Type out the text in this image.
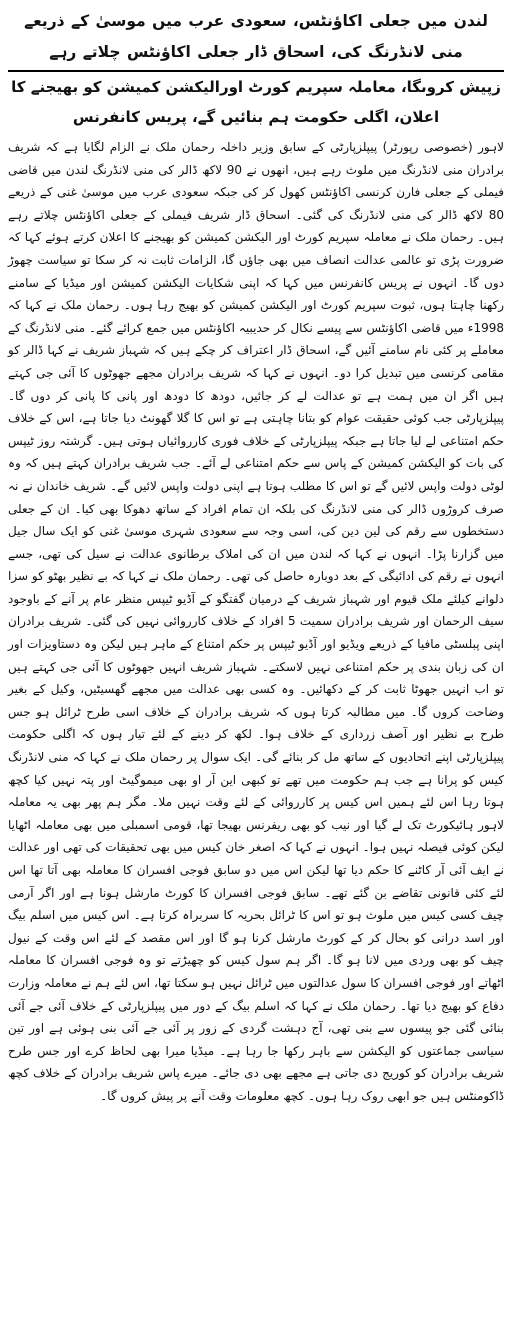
لندن میں جعلی اکاؤنٹس، سعودی عرب میں موسیٰ کے ذریعے منی لانڈرنگ کی، اسحاق ڈار جعلی اکاؤنٹس چلاتے رہے
زپیش کروںگا، معاملہ سپریم کورٹ اورالیکشن کمیشن کو بھیجنے کا اعلان، اگلی حکومت ہم بنائیں گے، پریس کانفرنس

لاہور (خصوصی رپورٹر) پیپلزپارٹی کے سابق وزیر داخلہ رحمان ملک نے الزام لگایا ہے کہ شریف برادران منی لانڈرنگ میں ملوث رہے ہیں، انھوں نے 90 لاکھ ڈالر کی منی لانڈرنگ لندن میں قاضی فیملی کے جعلی فارن کرنسی اکاؤنٹس کھول کر کی جبکہ سعودی عرب میں موسیٰ غنی کے ذریعے 80 لاکھ ڈالر کی منی لانڈرنگ کی گئی۔ اسحاق ڈار شریف فیملی کے جعلی اکاؤنٹس چلاتے رہے ہیں۔ رحمان ملک نے معاملہ سپریم کورٹ اور الیکشن کمیشن کو بھیجنے کا اعلان کرتے ہوئے کہا کہ ضرورت پڑی تو عالمی عدالت انصاف میں بھی جاؤں گا، الزامات ثابت نہ کر سکا تو سیاست چھوڑ دوں گا۔ انہوں نے پریس کانفرنس میں کہا کہ اپنی شکایات الیکشن کمیشن اور میڈیا کے سامنے رکھنا چاہتا ہوں، ثبوت سپریم کورٹ اور الیکشن کمیشن کو بھیج رہا ہوں۔ رحمان ملک نے کہا کہ 1998ء میں قاضی اکاؤنٹس سے پیسے نکال کر حدیبیہ اکاؤنٹس میں جمع کرائے گئے۔ منی لانڈرنگ کے معاملے پر کئی نام سامنے آئیں گے، اسحاق ڈار اعتراف کر چکے ہیں کہ شہباز شریف نے کہا ڈالر کو مقامی کرنسی میں تبدیل کرا دو۔ انہوں نے کہا کہ شریف برادران مجھے جھوٹوں کا آئی جی کہتے ہیں اگر ان میں ہمت ہے تو عدالت لے کر جائیں، دودھ کا دودھ اور پانی کا پانی کر دوں گا۔ پیپلزپارٹی جب کوئی حقیقت عوام کو بتانا چاہتی ہے تو اس کا گلا گھونٹ دیا جاتا ہے، اس کے خلاف حکم امتناعی لے لیا جاتا ہے جبکہ پیپلزپارٹی کے خلاف فوری کارروائیاں ہوتی ہیں۔ گرشتہ روز ٹیپس کی بات کو الیکشن کمیشن کے پاس سے حکم امتناعی لے آئے۔ جب شریف برادران کہتے ہیں کہ وہ لوٹی دولت واپس لائیں گے تو اس کا مطلب ہوتا ہے اپنی دولت واپس لائیں گے۔ شریف خاندان نے نہ صرف کروڑوں ڈالر کی منی لانڈرنگ کی بلکہ ان تمام افراد کے ساتھ دھوکا بھی کیا۔ ان کے جعلی دستخطوں سے رقم کی لین دین کی، اسی وجہ سے سعودی شہری موسیٰ غنی کو ایک سال جیل میں گزارنا پڑا۔ انہوں نے کہا کہ لندن میں ان کی املاک برطانوی عدالت نے سیل کی تھی، جسے انہوں نے رقم کی ادائیگی کے بعد دوبارہ حاصل کی تھی۔ رحمان ملک نے کہا کہ بے نظیر بھٹو کو سزا دلوانے کیلئے ملک قیوم اور شہباز شریف کے درمیان گفتگو کے آڈیو ٹیپس منظر عام پر آنے کے باوجود سیف الرحمان اور شریف برادران سمیت 5 افراد کے خلاف کارروائی نہیں کی گئی۔ شریف برادران اپنی پبلسٹی مافیا کے ذریعے ویڈیو اور آڈیو ٹیپس پر حکم امتناع کے ماہر ہیں لیکن وہ دستاویزات اور ان کی زبان بندی پر حکم امتناعی نہیں لاسکتے۔ شہباز شریف انہیں جھوٹوں کا آئی جی کہتے ہیں تو اب انہیں جھوٹا ثابت کر کے دکھائیں۔ وہ کسی بھی عدالت میں مجھے گھسیٹیں، وکیل کے بغیر وضاحت کروں گا۔ میں مطالبہ کرتا ہوں کہ شریف برادران کے خلاف اسی طرح ٹرائل ہو جس طرح بے نظیر اور آصف زرداری کے خلاف ہوا۔ لکھ کر دینے کے لئے تیار ہوں کہ اگلی حکومت پیپلزپارٹی اپنے اتحادیوں کے ساتھ مل کر بنائے گی۔ ایک سوال پر رحمان ملک نے کہا کہ منی لانڈرنگ کیس کو پرانا ہے جب ہم حکومت میں تھے تو کبھی این آر او بھی میموگیٹ اور پتہ نہیں کیا کچھ ہوتا رہا اس لئے ہمیں اس کیس پر کارروائی کے لئے وقت نہیں ملا۔ مگر ہم پھر بھی یہ معاملہ لاہور ہائیکورٹ تک لے گیا اور نیب کو بھی ریفرنس بھیجا تھا، قومی اسمبلی میں بھی معاملہ اٹھایا لیکن کوئی فیصلہ نہیں ہوا۔ انہوں نے کہا کہ اصغر خان کیس میں بھی تحقیقات کی تھی اور عدالت نے ایف آئی آر کاٹنے کا حکم دیا تھا لیکن اس میں دو سابق فوجی افسران کا معاملہ بھی آتا تھا اس لئے کئی قانونی تقاضے بن گئے تھے۔ سابق فوجی افسران کا کورٹ مارشل ہونا ہے اور اگر آرمی چیف کسی کیس میں ملوث ہو تو اس کا ٹرائل بحریہ کا سربراہ کرتا ہے۔ اس کیس میں اسلم بیگ اور اسد درانی کو بحال کر کے کورٹ مارشل کرنا ہو گا اور اس مقصد کے لئے اس وقت کے نیول چیف کو بھی وردی میں لانا ہو گا۔ اگر ہم سول کیس کو چھیڑتے تو وہ فوجی افسران کا معاملہ اٹھاتے اور فوجی افسران کا سول عدالتوں میں ٹرائل نہیں ہو سکتا تھا، اس لئے ہم نے معاملہ وزارت دفاع کو بھیج دیا تھا۔ رحمان ملک نے کہا کہ اسلم بیگ کے دور میں پیپلزپارٹی کے خلاف آئی جے آئی بنائی گئی جو پیسوں سے بنی تھی، آج دہشت گردی کے زور پر آئی جے آئی بنی ہوئی ہے اور تین سیاسی جماعتوں کو الیکشن سے باہر رکھا جا رہا ہے۔ میڈیا میرا بھی لحاظ کرے اور جس طرح شریف برادران کو کوریج دی جاتی ہے مجھے بھی دی جائے۔ میرے پاس شریف برادران کے خلاف کچھ ڈاکومنٹس ہیں جو ابھی روک رہا ہوں۔ کچھ معلومات وقت آنے پر پیش کروں گا۔
